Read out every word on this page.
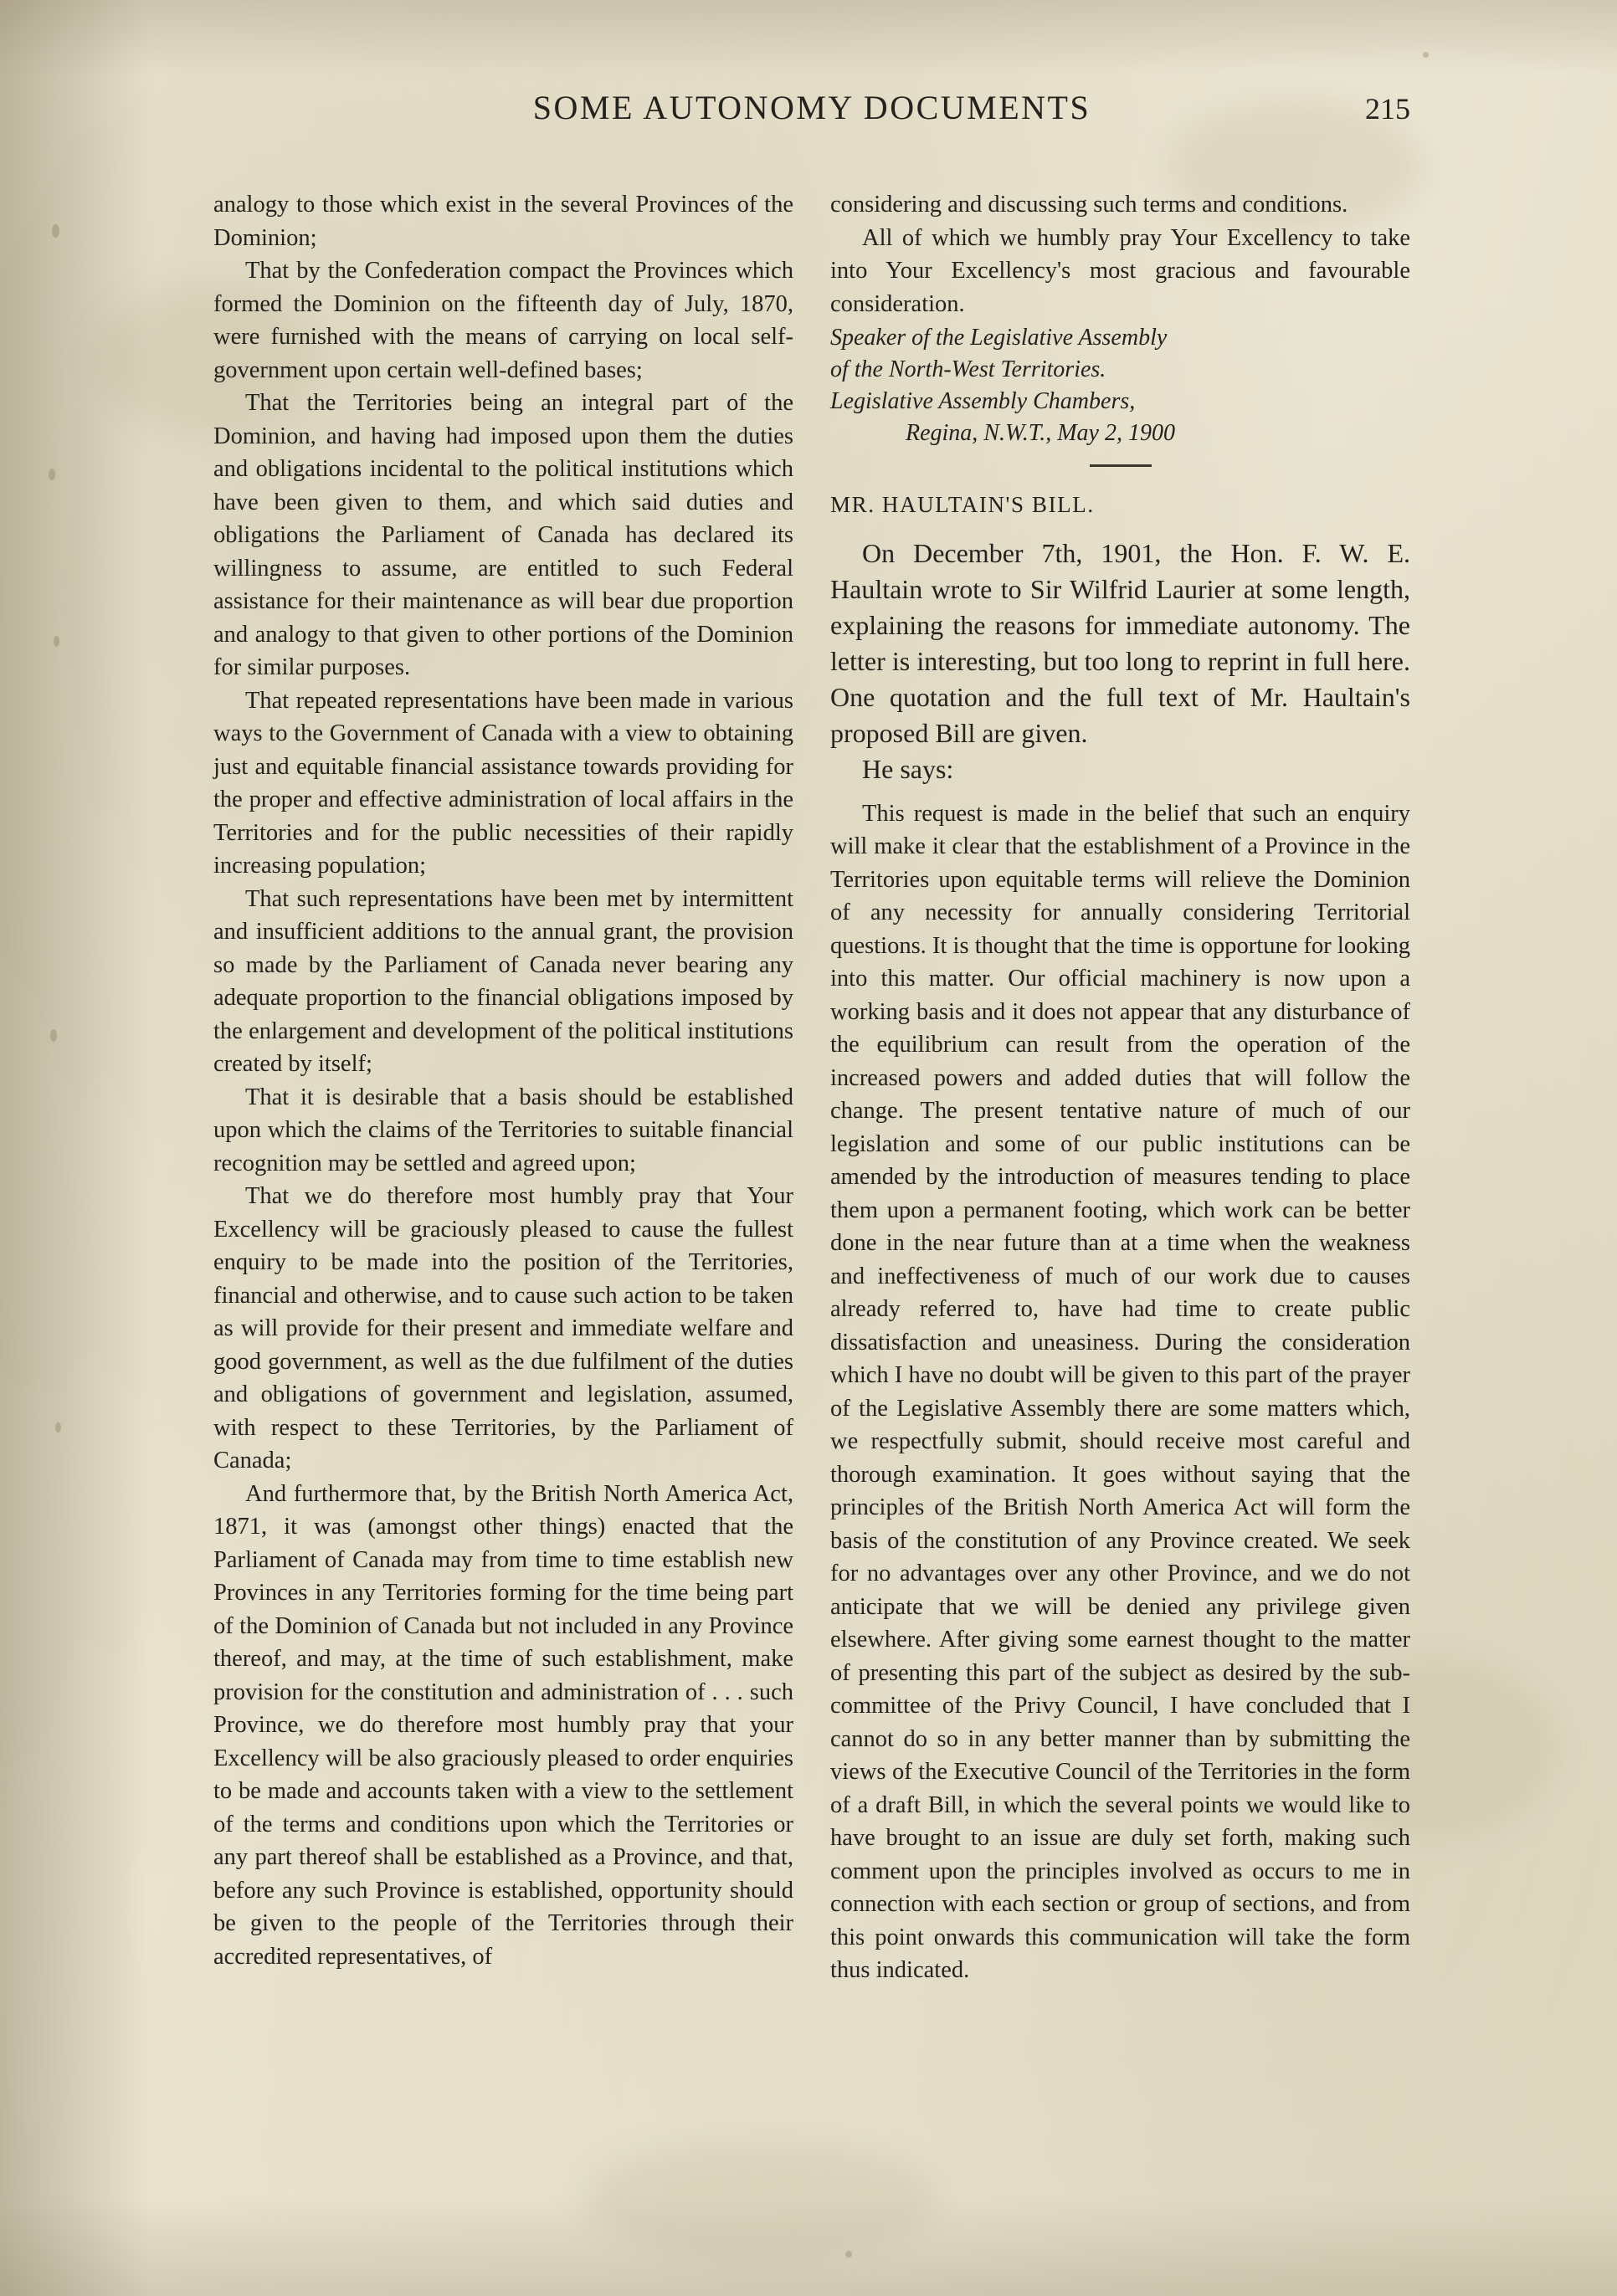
SOME AUTONOMY DOCUMENTS	215

analogy to those which exist in the several Provinces of the Dominion;

That by the Confederation compact the Provinces which formed the Dominion on the fifteenth day of July, 1870, were furnished with the means of carrying on local self-government upon certain well-defined bases;

That the Territories being an integral part of the Dominion, and having had imposed upon them the duties and obligations incidental to the political institutions which have been given to them, and which said duties and obligations the Parliament of Canada has declared its willingness to assume, are entitled to such Federal assistance for their maintenance as will bear due proportion and analogy to that given to other portions of the Dominion for similar purposes.

That repeated representations have been made in various ways to the Government of Canada with a view to obtaining just and equitable financial assistance towards providing for the proper and effective administration of local affairs in the Territories and for the public necessities of their rapidly increasing population;

That such representations have been met by intermittent and insufficient additions to the annual grant, the provision so made by the Parliament of Canada never bearing any adequate proportion to the financial obligations imposed by the enlargement and development of the political institutions created by itself;

That it is desirable that a basis should be established upon which the claims of the Territories to suitable financial recognition may be settled and agreed upon;

That we do therefore most humbly pray that Your Excellency will be graciously pleased to cause the fullest enquiry to be made into the position of the Territories, financial and otherwise, and to cause such action to be taken as will provide for their present and immediate welfare and good government, as well as the due fulfilment of the duties and obligations of government and legislation, assumed, with respect to these Territories, by the Parliament of Canada;

And furthermore that, by the British North America Act, 1871, it was (amongst other things) enacted that the Parliament of Canada may from time to time establish new Provinces in any Territories forming for the time being part of the Dominion of Canada but not included in any Province thereof, and may, at the time of such establishment, make provision for the constitution and administration of . . . such Province, we do therefore most humbly pray that your Excellency will be also graciously pleased to order enquiries to be made and accounts taken with a view to the settlement of the terms and conditions upon which the Territories or any part thereof shall be established as a Province, and that, before any such Province is established, opportunity should be given to the people of the Territories through their accredited representatives, of

considering and discussing such terms and conditions.

All of which we humbly pray Your Excellency to take into Your Excellency's most gracious and favourable consideration.

Speaker of the Legislative Assembly

of the North-West Territories.

Legislative Assembly Chambers,

Regina, N.W.T., May 2, 1900

MR. HAULTAIN'S BILL.

On December 7th, 1901, the Hon. F. W. E. Haultain wrote to Sir Wilfrid Laurier at some length, explaining the reasons for immediate autonomy. The letter is interesting, but too long to reprint in full here. One quotation and the full text of Mr. Haultain's proposed Bill are given.

He says:

This request is made in the belief that such an enquiry will make it clear that the establishment of a Province in the Territories upon equitable terms will relieve the Dominion of any necessity for annually considering Territorial questions. It is thought that the time is opportune for looking into this matter. Our official machinery is now upon a working basis and it does not appear that any disturbance of the equilibrium can result from the operation of the increased powers and added duties that will follow the change. The present tentative nature of much of our legislation and some of our public institutions can be amended by the introduction of measures tending to place them upon a permanent footing, which work can be better done in the near future than at a time when the weakness and ineffectiveness of much of our work due to causes already referred to, have had time to create public dissatisfaction and uneasiness. During the consideration which I have no doubt will be given to this part of the prayer of the Legislative Assembly there are some matters which, we respectfully submit, should receive most careful and thorough examination. It goes without saying that the principles of the British North America Act will form the basis of the constitution of any Province created. We seek for no advantages over any other Province, and we do not anticipate that we will be denied any privilege given elsewhere. After giving some earnest thought to the matter of presenting this part of the subject as desired by the sub-committee of the Privy Council, I have concluded that I cannot do so in any better manner than by submitting the views of the Executive Council of the Territories in the form of a draft Bill, in which the several points we would like to have brought to an issue are duly set forth, making such comment upon the principles involved as occurs to me in connection with each section or group of sections, and from this point onwards this communication will take the form thus indicated.
